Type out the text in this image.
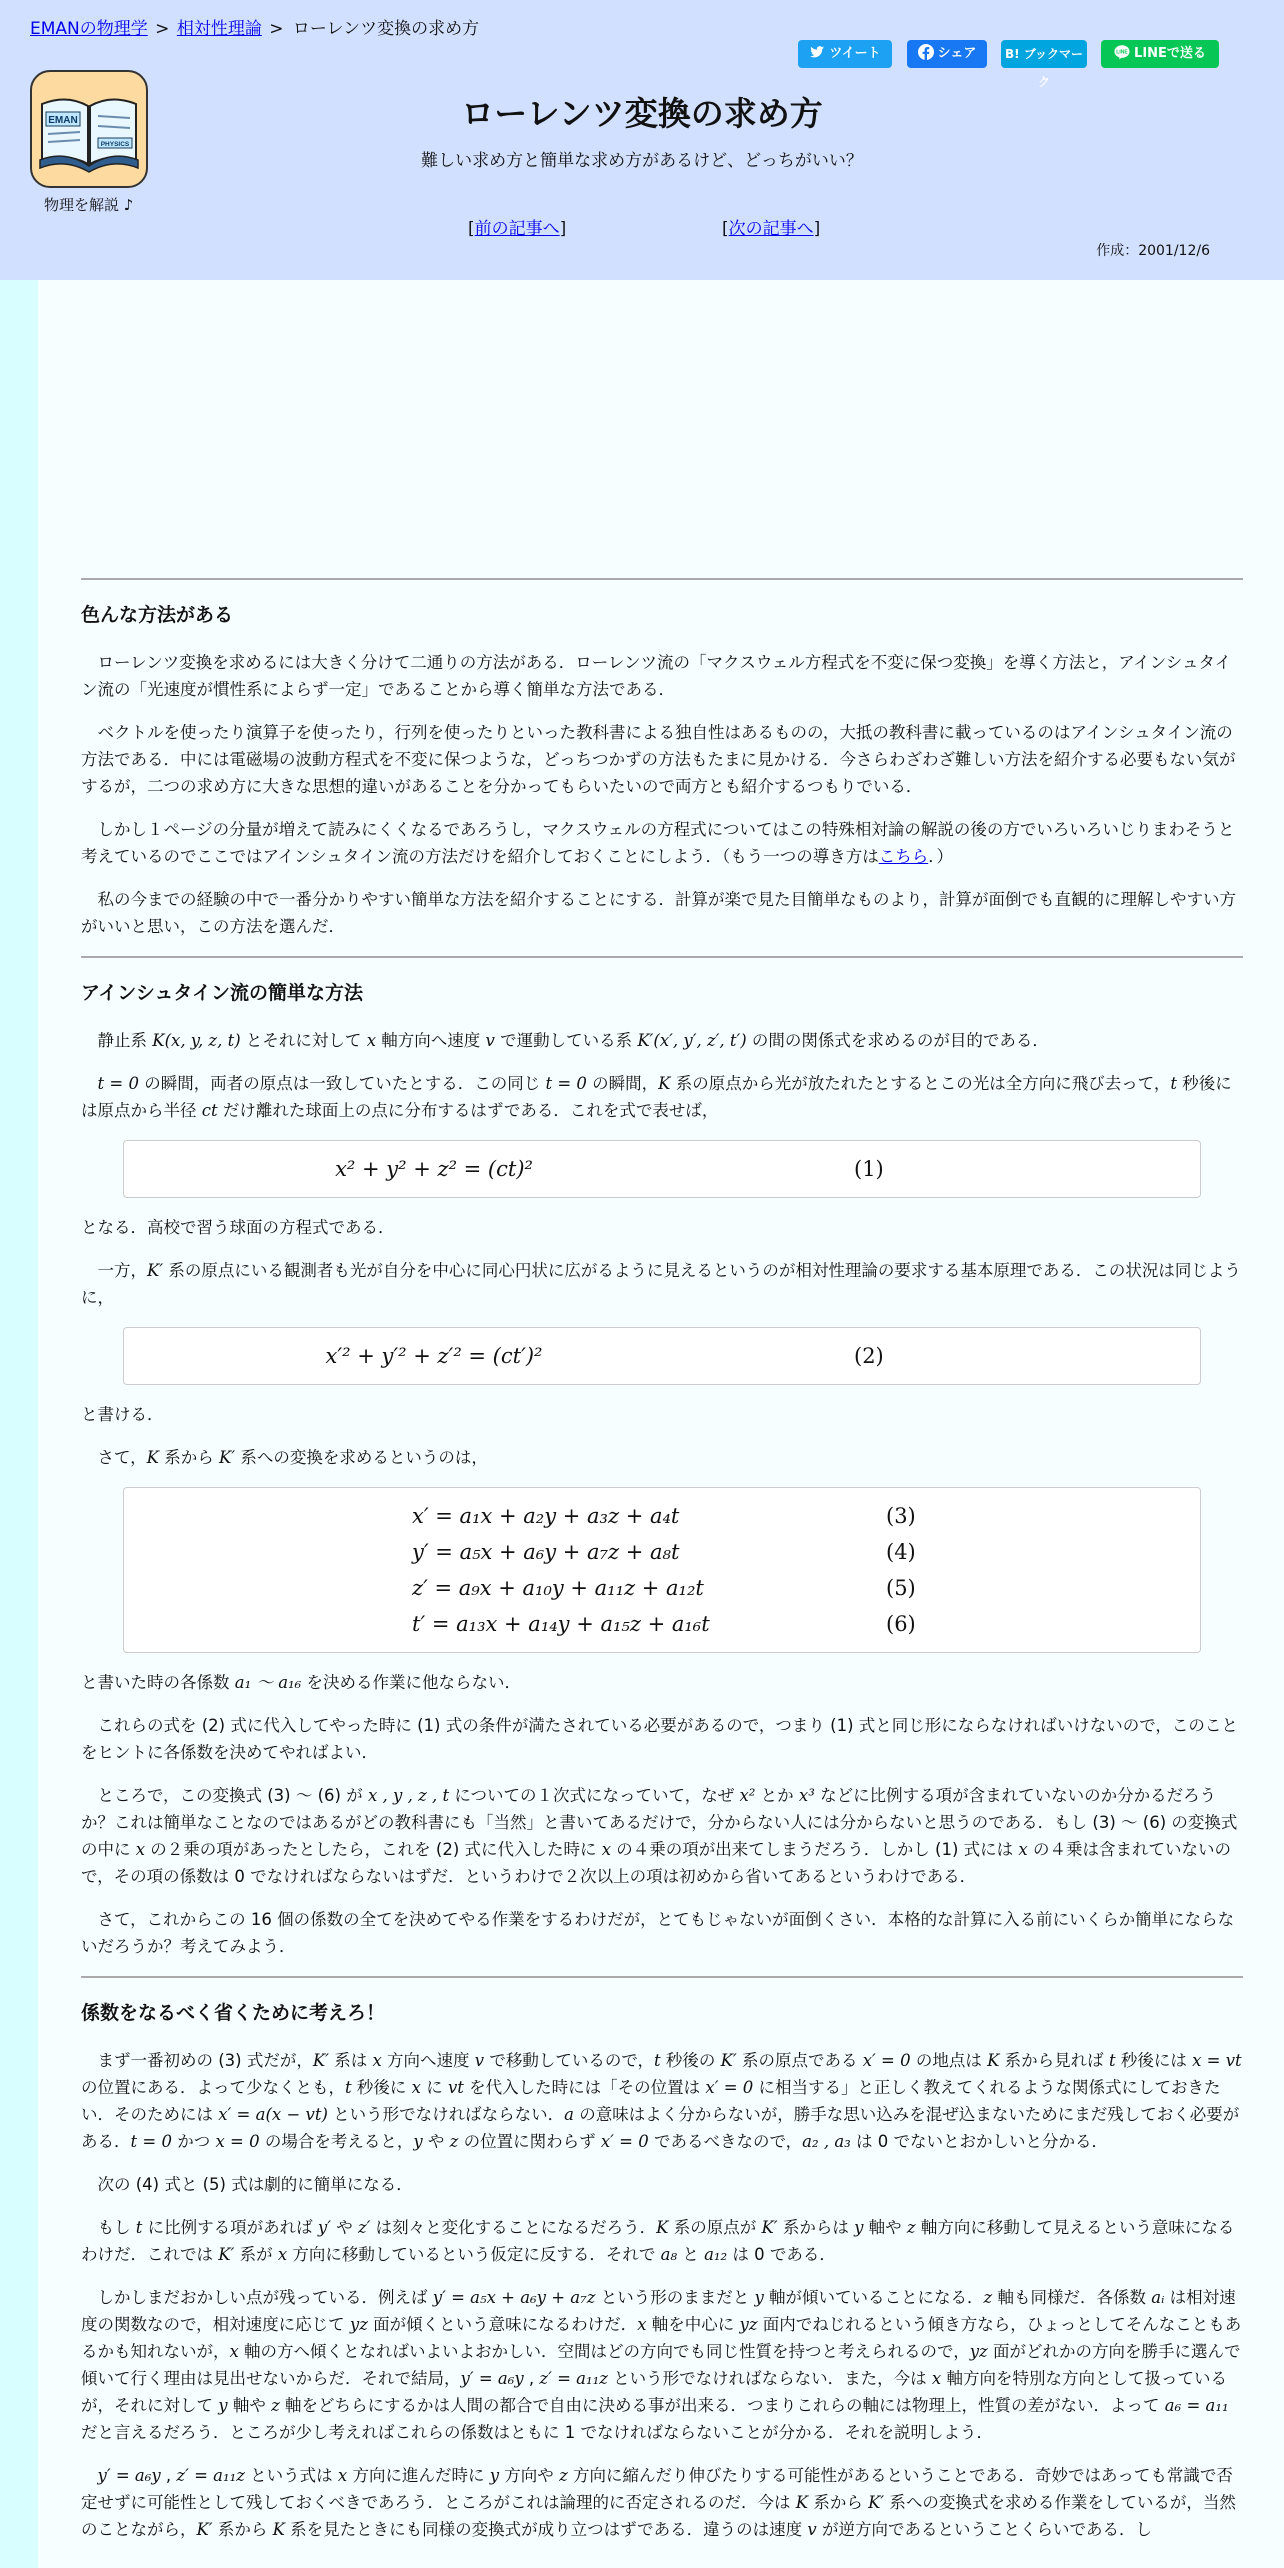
EMANの物理学 > 相対性理論 > ローレンツ変換の求め方
ツイート	シェア	B! ブックマーク
LINE LINEで送る
EMAN
PHYSICS
物理を解説 ♪
ローレンツ変換の求め方
難しい求め方と簡単な求め方があるけど、どっちがいい？
[前の記事へ]	[次の記事へ]
作成：2001/12/6
色んな方法がある

ローレンツ変換を求めるには大きく分けて二通りの方法がある．ローレンツ流の「マクスウェル方程式を不変に保つ変換」を導く方法と，アインシュタイン流の「光速度が慣性系によらず一定」であることから導く簡単な方法である．

ベクトルを使ったり演算子を使ったり，行列を使ったりといった教科書による独自性はあるものの，大抵の教科書に載っているのはアインシュタイン流の方法である．中には電磁場の波動方程式を不変に保つような，どっちつかずの方法もたまに見かける．今さらわざわざ難しい方法を紹介する必要もない気がするが，二つの求め方に大きな思想的違いがあることを分かってもらいたいので両方とも紹介するつもりでいる．

しかし１ページの分量が増えて読みにくくなるであろうし，マクスウェルの方程式についてはこの特殊相対論の解説の後の方でいろいろいじりまわそうと考えているのでここではアインシュタイン流の方法だけを紹介しておくことにしよう．（もう一つの導き方はこちら．）

私の今までの経験の中で一番分かりやすい簡単な方法を紹介することにする．計算が楽で見た目簡単なものより，計算が面倒でも直観的に理解しやすい方がいいと思い，この方法を選んだ．

アインシュタイン流の簡単な方法

静止系 K(x, y, z, t) とそれに対して x 軸方向へ速度 v で運動している系 K′(x′, y′, z′, t′) の間の関係式を求めるのが目的である．

t = 0 の瞬間，両者の原点は一致していたとする．この同じ t = 0 の瞬間，K 系の原点から光が放たれたとするとこの光は全方向に飛び去って，t 秒後には原点から半径 ct だけ離れた球面上の点に分布するはずである．これを式で表せば，

x² + y² + z² = (ct)²	(1)

となる．高校で習う球面の方程式である．

一方，K′ 系の原点にいる観測者も光が自分を中心に同心円状に広がるように見えるというのが相対性理論の要求する基本原理である．この状況は同じように，

x′² + y′² + z′² = (ct′)²	(2)

と書ける．

さて，K 系から K′ 系への変換を求めるというのは，

x′ = a₁x + a₂y + a₃z + a₄t	(3)
y′ = a₅x + a₆y + a₇z + a₈t	(4)
z′ = a₉x + a₁₀y + a₁₁z + a₁₂t	(5)
t′ = a₁₃x + a₁₄y + a₁₅z + a₁₆t	(6)

と書いた時の各係数 a₁ 〜 a₁₆ を決める作業に他ならない．

これらの式を (2) 式に代入してやった時に (1) 式の条件が満たされている必要があるので，つまり (1) 式と同じ形にならなければいけないので，このことをヒントに各係数を決めてやればよい．

ところで，この変換式 (3) 〜 (6) が x , y , z , t についての１次式になっていて，なぜ x² とか x³ などに比例する項が含まれていないのか分かるだろうか？これは簡単なことなのではあるがどの教科書にも「当然」と書いてあるだけで，分からない人には分からないと思うのである．もし (3) 〜 (6) の変換式の中に x の２乗の項があったとしたら，これを (2) 式に代入した時に x の４乗の項が出来てしまうだろう．しかし (1) 式には x の４乗は含まれていないので，その項の係数は 0 でなければならないはずだ．というわけで２次以上の項は初めから省いてあるというわけである．

さて，これからこの 16 個の係数の全てを決めてやる作業をするわけだが，とてもじゃないが面倒くさい．本格的な計算に入る前にいくらか簡単にならないだろうか？考えてみよう．

係数をなるべく省くために考えろ！

まず一番初めの (3) 式だが，K′ 系は x 方向へ速度 v で移動しているので，t 秒後の K′ 系の原点である x′ = 0 の地点は K 系から見れば t 秒後には x = vt の位置にある．よって少なくとも，t 秒後に x に vt を代入した時には「その位置は x′ = 0 に相当する」と正しく教えてくれるような関係式にしておきたい．そのためには x′ = a(x − vt) という形でなければならない．a の意味はよく分からないが，勝手な思い込みを混ぜ込まないためにまだ残しておく必要がある．t = 0 かつ x = 0 の場合を考えると，y や z の位置に関わらず x′ = 0 であるべきなので，a₂ , a₃ は 0 でないとおかしいと分かる．

次の (4) 式と (5) 式は劇的に簡単になる．

もし t に比例する項があれば y′ や z′ は刻々と変化することになるだろう．K 系の原点が K′ 系からは y 軸や z 軸方向に移動して見えるという意味になるわけだ．これでは K′ 系が x 方向に移動しているという仮定に反する．それで a₈ と a₁₂ は 0 である．

しかしまだおかしい点が残っている．例えば y′ = a₅x + a₆y + a₇z という形のままだと y 軸が傾いていることになる．z 軸も同様だ．各係数 aᵢ は相対速度の関数なので，相対速度に応じて yz 面が傾くという意味になるわけだ．x 軸を中心に yz 面内でねじれるという傾き方なら，ひょっとしてそんなこともあるかも知れないが，x 軸の方へ傾くとなればいよいよおかしい．空間はどの方向でも同じ性質を持つと考えられるので，yz 面がどれかの方向を勝手に選んで傾いて行く理由は見出せないからだ．それで結局，y′ = a₆y , z′ = a₁₁z という形でなければならない．また，今は x 軸方向を特別な方向として扱っているが，それに対して y 軸や z 軸をどちらにするかは人間の都合で自由に決める事が出来る．つまりこれらの軸には物理上，性質の差がない．よって a₆ = a₁₁ だと言えるだろう．ところが少し考えればこれらの係数はともに 1 でなければならないことが分かる．それを説明しよう．

y′ = a₆y , z′ = a₁₁z という式は x 方向に進んだ時に y 方向や z 方向に縮んだり伸びたりする可能性があるということである．奇妙ではあっても常識で否定せずに可能性として残しておくべきであろう．ところがこれは論理的に否定されるのだ．今は K 系から K′ 系への変換式を求める作業をしているが，当然のことながら，K′ 系から K 系を見たときにも同様の変換式が成り立つはずである．違うのは速度 v が逆方向であるということくらいである．し
